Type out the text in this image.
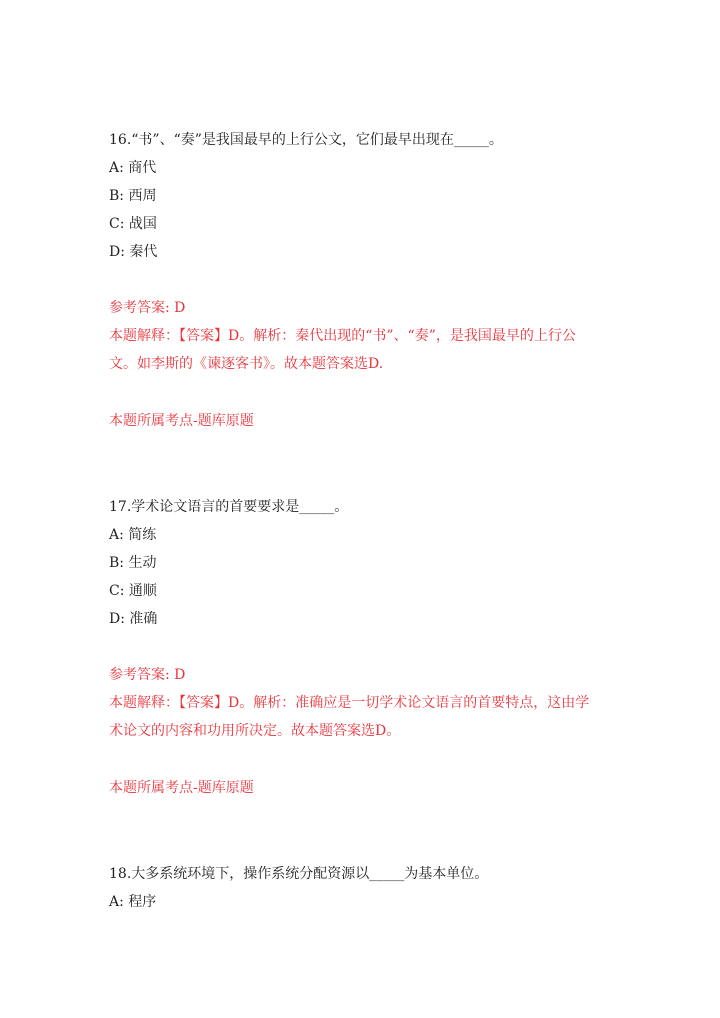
16.“书”、“奏”是我国最早的上行公文，它们最早出现在_____。
A: 商代
B: 西周
C: 战国
D: 秦代
参考答案: D
本题解释：【答案】D。解析：秦代出现的“书”、“奏”，是我国最早的上行公
文。如李斯的《谏逐客书》。故本题答案选D.
本题所属考点-题库原题
17.学术论文语言的首要要求是_____。
A: 简练
B: 生动
C: 通顺
D: 准确
参考答案: D
本题解释：【答案】D。解析：准确应是一切学术论文语言的首要特点，这由学
术论文的内容和功用所决定。故本题答案选D。
本题所属考点-题库原题
18.大多系统环境下，操作系统分配资源以_____为基本单位。
A: 程序
